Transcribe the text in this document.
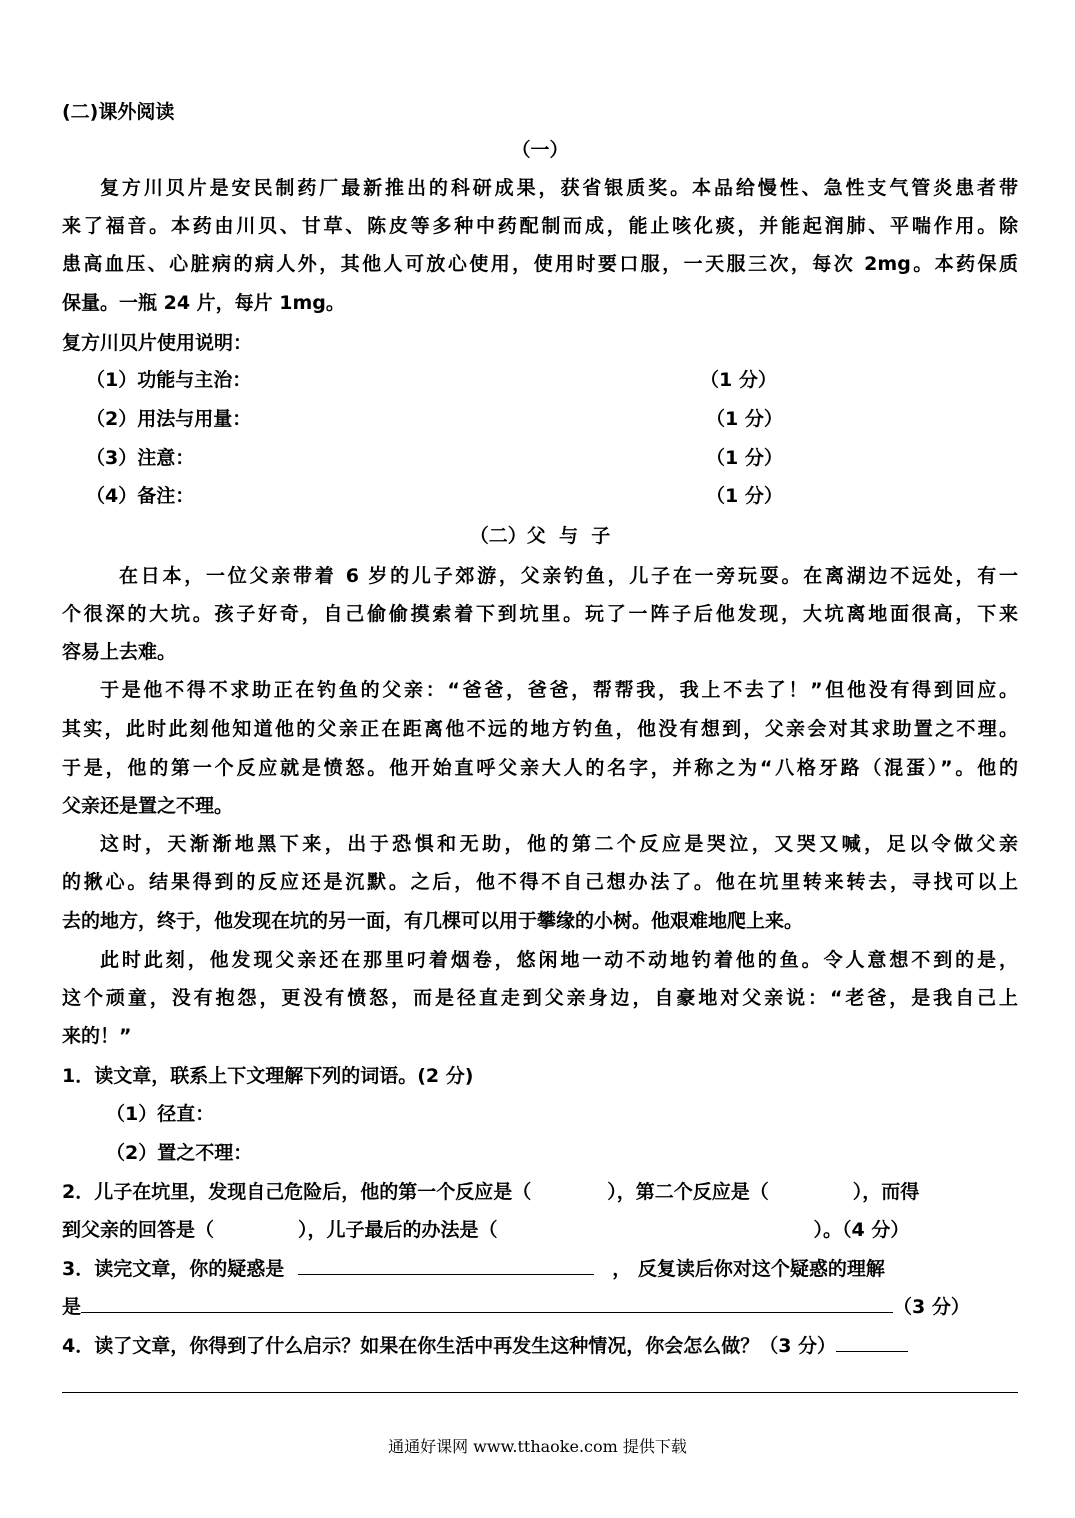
(二)课外阅读
（一）
复方川贝片是安民制药厂最新推出的科研成果，获省银质奖。本品给慢性、急性支气管炎患者带
来了福音。本药由川贝、甘草、陈皮等多种中药配制而成，能止咳化痰，并能起润肺、平喘作用。除
患高血压、心脏病的病人外，其他人可放心使用，使用时要口服，一天服三次，每次 2mg。本药保质
保量。一瓶 24 片，每片 1mg。
复方川贝片使用说明：
（1）功能与主治：	（1 分）
（2）用法与用量：	（1 分）
（3）注意：	（1 分）
（4）备注：	（1 分）
（二）父  与  子
在日本，一位父亲带着 6 岁的儿子郊游，父亲钓鱼，儿子在一旁玩耍。在离湖边不远处，有一
个很深的大坑。孩子好奇，自己偷偷摸索着下到坑里。玩了一阵子后他发现，大坑离地面很高，下来
容易上去难。
于是他不得不求助正在钓鱼的父亲：“爸爸，爸爸，帮帮我，我上不去了！”但他没有得到回应。
其实，此时此刻他知道他的父亲正在距离他不远的地方钓鱼，他没有想到，父亲会对其求助置之不理。
于是，他的第一个反应就是愤怒。他开始直呼父亲大人的名字，并称之为“八格牙路（混蛋）”。他的
父亲还是置之不理。
这时，天渐渐地黑下来，出于恐惧和无助，他的第二个反应是哭泣，又哭又喊，足以令做父亲
的揪心。结果得到的反应还是沉默。之后，他不得不自己想办法了。他在坑里转来转去，寻找可以上
去的地方，终于，他发现在坑的另一面，有几棵可以用于攀缘的小树。他艰难地爬上来。
此时此刻，他发现父亲还在那里叼着烟卷，悠闲地一动不动地钓着他的鱼。令人意想不到的是，
这个顽童，没有抱怨，更没有愤怒，而是径直走到父亲身边，自豪地对父亲说：“老爸，是我自己上
来的！”
1．读文章，联系上下文理解下列的词语。(2 分)
（1）径直：
（2）置之不理：
2．儿子在坑里，发现自己危险后，他的第一个反应是（	），第二个反应是（	），而得
到父亲的回答是（	），儿子最后的办法是（	）。（4 分）
3．读完文章，你的疑惑是	， 反复读后你对这个疑惑的理解
是	（3 分）
4．读了文章，你得到了什么启示？如果在你生活中再发生这种情况，你会怎么做？（3 分）
通通好课网 www.tthaoke.com 提供下载
